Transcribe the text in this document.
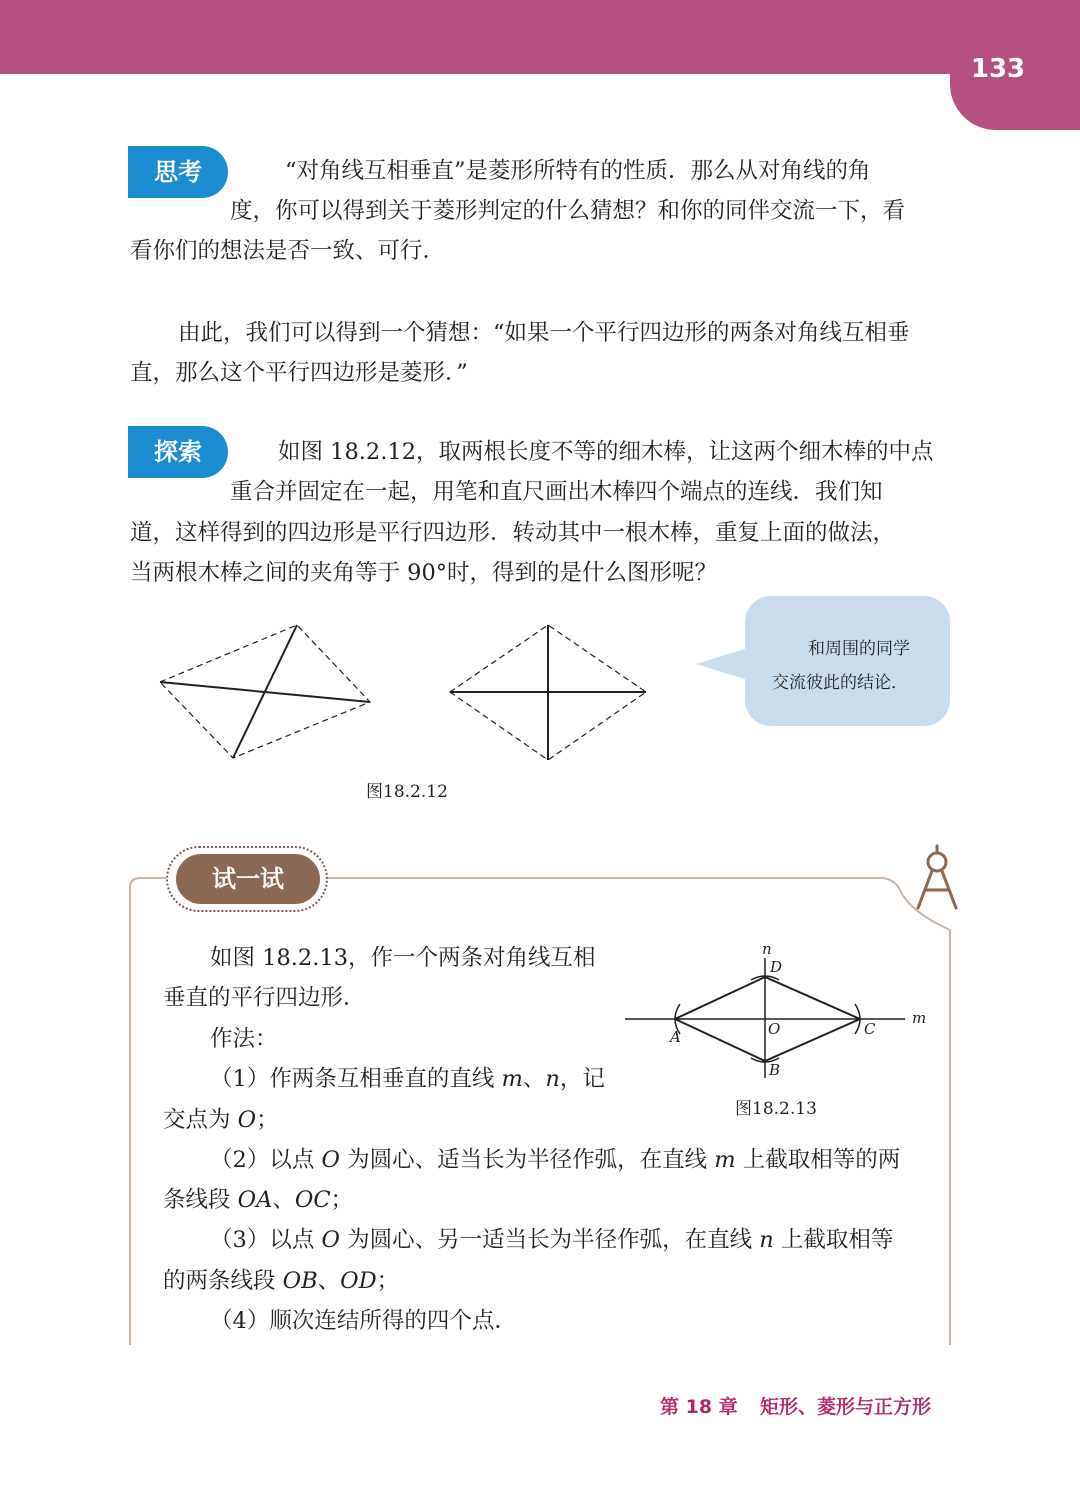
133
思考	“对角线互相垂直”是菱形所特有的性质．那么从对角线的角
度，你可以得到关于菱形判定的什么猜想？和你的同伴交流一下，看
看你们的想法是否一致、可行．
由此，我们可以得到一个猜想：“如果一个平行四边形的两条对角线互相垂
直，那么这个平行四边形是菱形．”
探索	如图 18.2.12，取两根长度不等的细木棒，让这两个细木棒的中点
重合并固定在一起，用笔和直尺画出木棒四个端点的连线．我们知
道，这样得到的四边形是平行四边形．转动其中一根木棒，重复上面的做法，
当两根木棒之间的夹角等于 90°时，得到的是什么图形呢？
图18.2.12
和周围的同学
交流彼此的结论．
试一试
如图 18.2.13，作一个两条对角线互相
垂直的平行四边形．
作法：
（1）作两条互相垂直的直线 m、n，记
交点为 O；
（2）以点 O 为圆心、适当长为半径作弧，在直线 m 上截取相等的两
条线段 OA、OC；
（3）以点 O 为圆心、另一适当长为半径作弧，在直线 n 上截取相等
的两条线段 OB、OD；
（4）顺次连结所得的四个点．
n
D
m
A	O	C
B
图18.2.13
第 18 章 矩形、菱形与正方形
